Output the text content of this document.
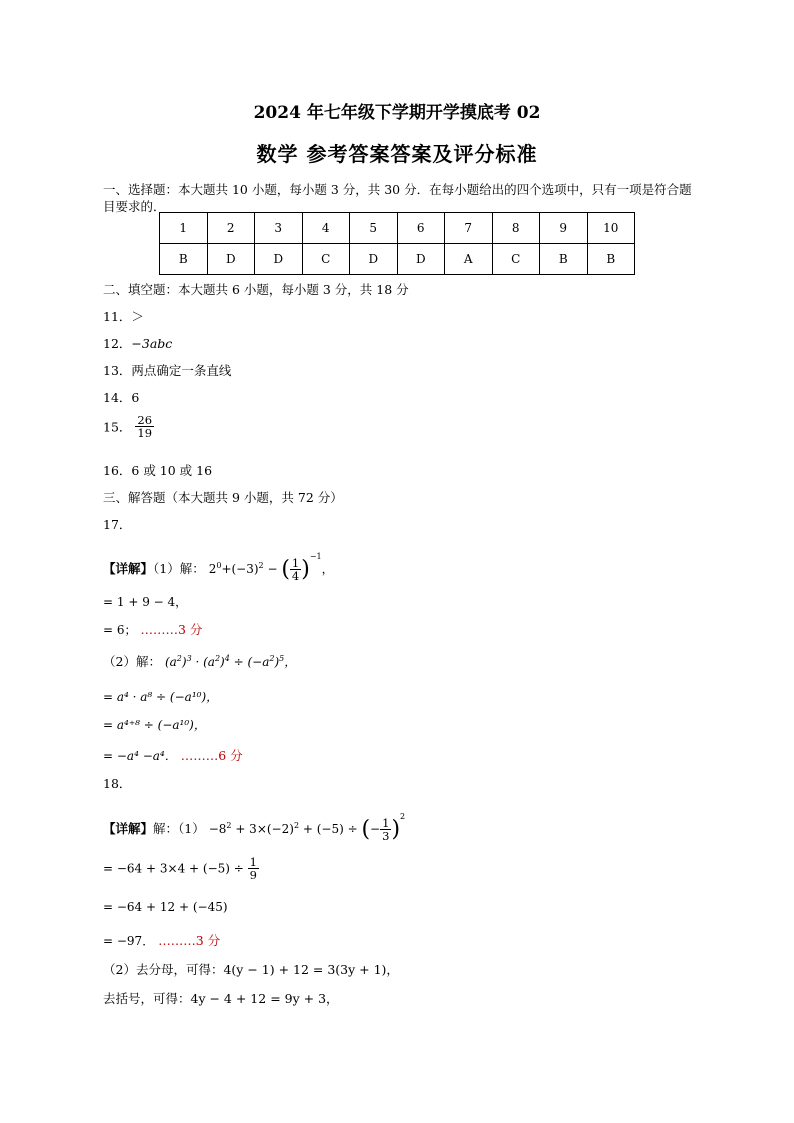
2024 年七年级下学期开学摸底考 02
数学 参考答案答案及评分标准
一、选择题：本大题共 10 小题，每小题 3 分，共 30 分．在每小题给出的四个选项中，只有一项是符合题
目要求的．
1	2	3	4	5	6	7	8	9	10
B	D	D	C	D	D	A	C	B	B
二、填空题：本大题共 6 小题，每小题 3 分，共 18 分
11．＞
12．−3abc
13．两点确定一条直线
14．6
15． $\frac{26}{19}$
16．6 或 10 或 16
三、解答题（本大题共 9 小题，共 72 分）
17．
【详解】（1）解： $2^0+(-3)^2$ − ( $\frac{1}{4} )^{-1}$，
= 1 + 9 − 4，
= 6； ………3 分
（2）解： $(a^2)^3 \cdot (a^2)^4 \div (-a^2)^5$，
= a⁴ · a⁸ ÷ (−a¹⁰)，
= a⁴⁺⁸ ÷ (−a¹⁰)，
= −a⁴ −a⁴． ………6 分
18．
【详解】解：$(1) -8^2 + 3\times(-2)^2 + (-5)$ ÷ (− $\frac{1}{3} )^2$
= $-64 + 3\times 4 + (-5) \div \frac{1}{9}$
= −64 + 12 + (−45)
= −97． ………3 分
（2）去分母，可得：4(y − 1) + 12 = 3(3y + 1)，
去括号，可得：4y − 4 + 12 = 9y + 3，
